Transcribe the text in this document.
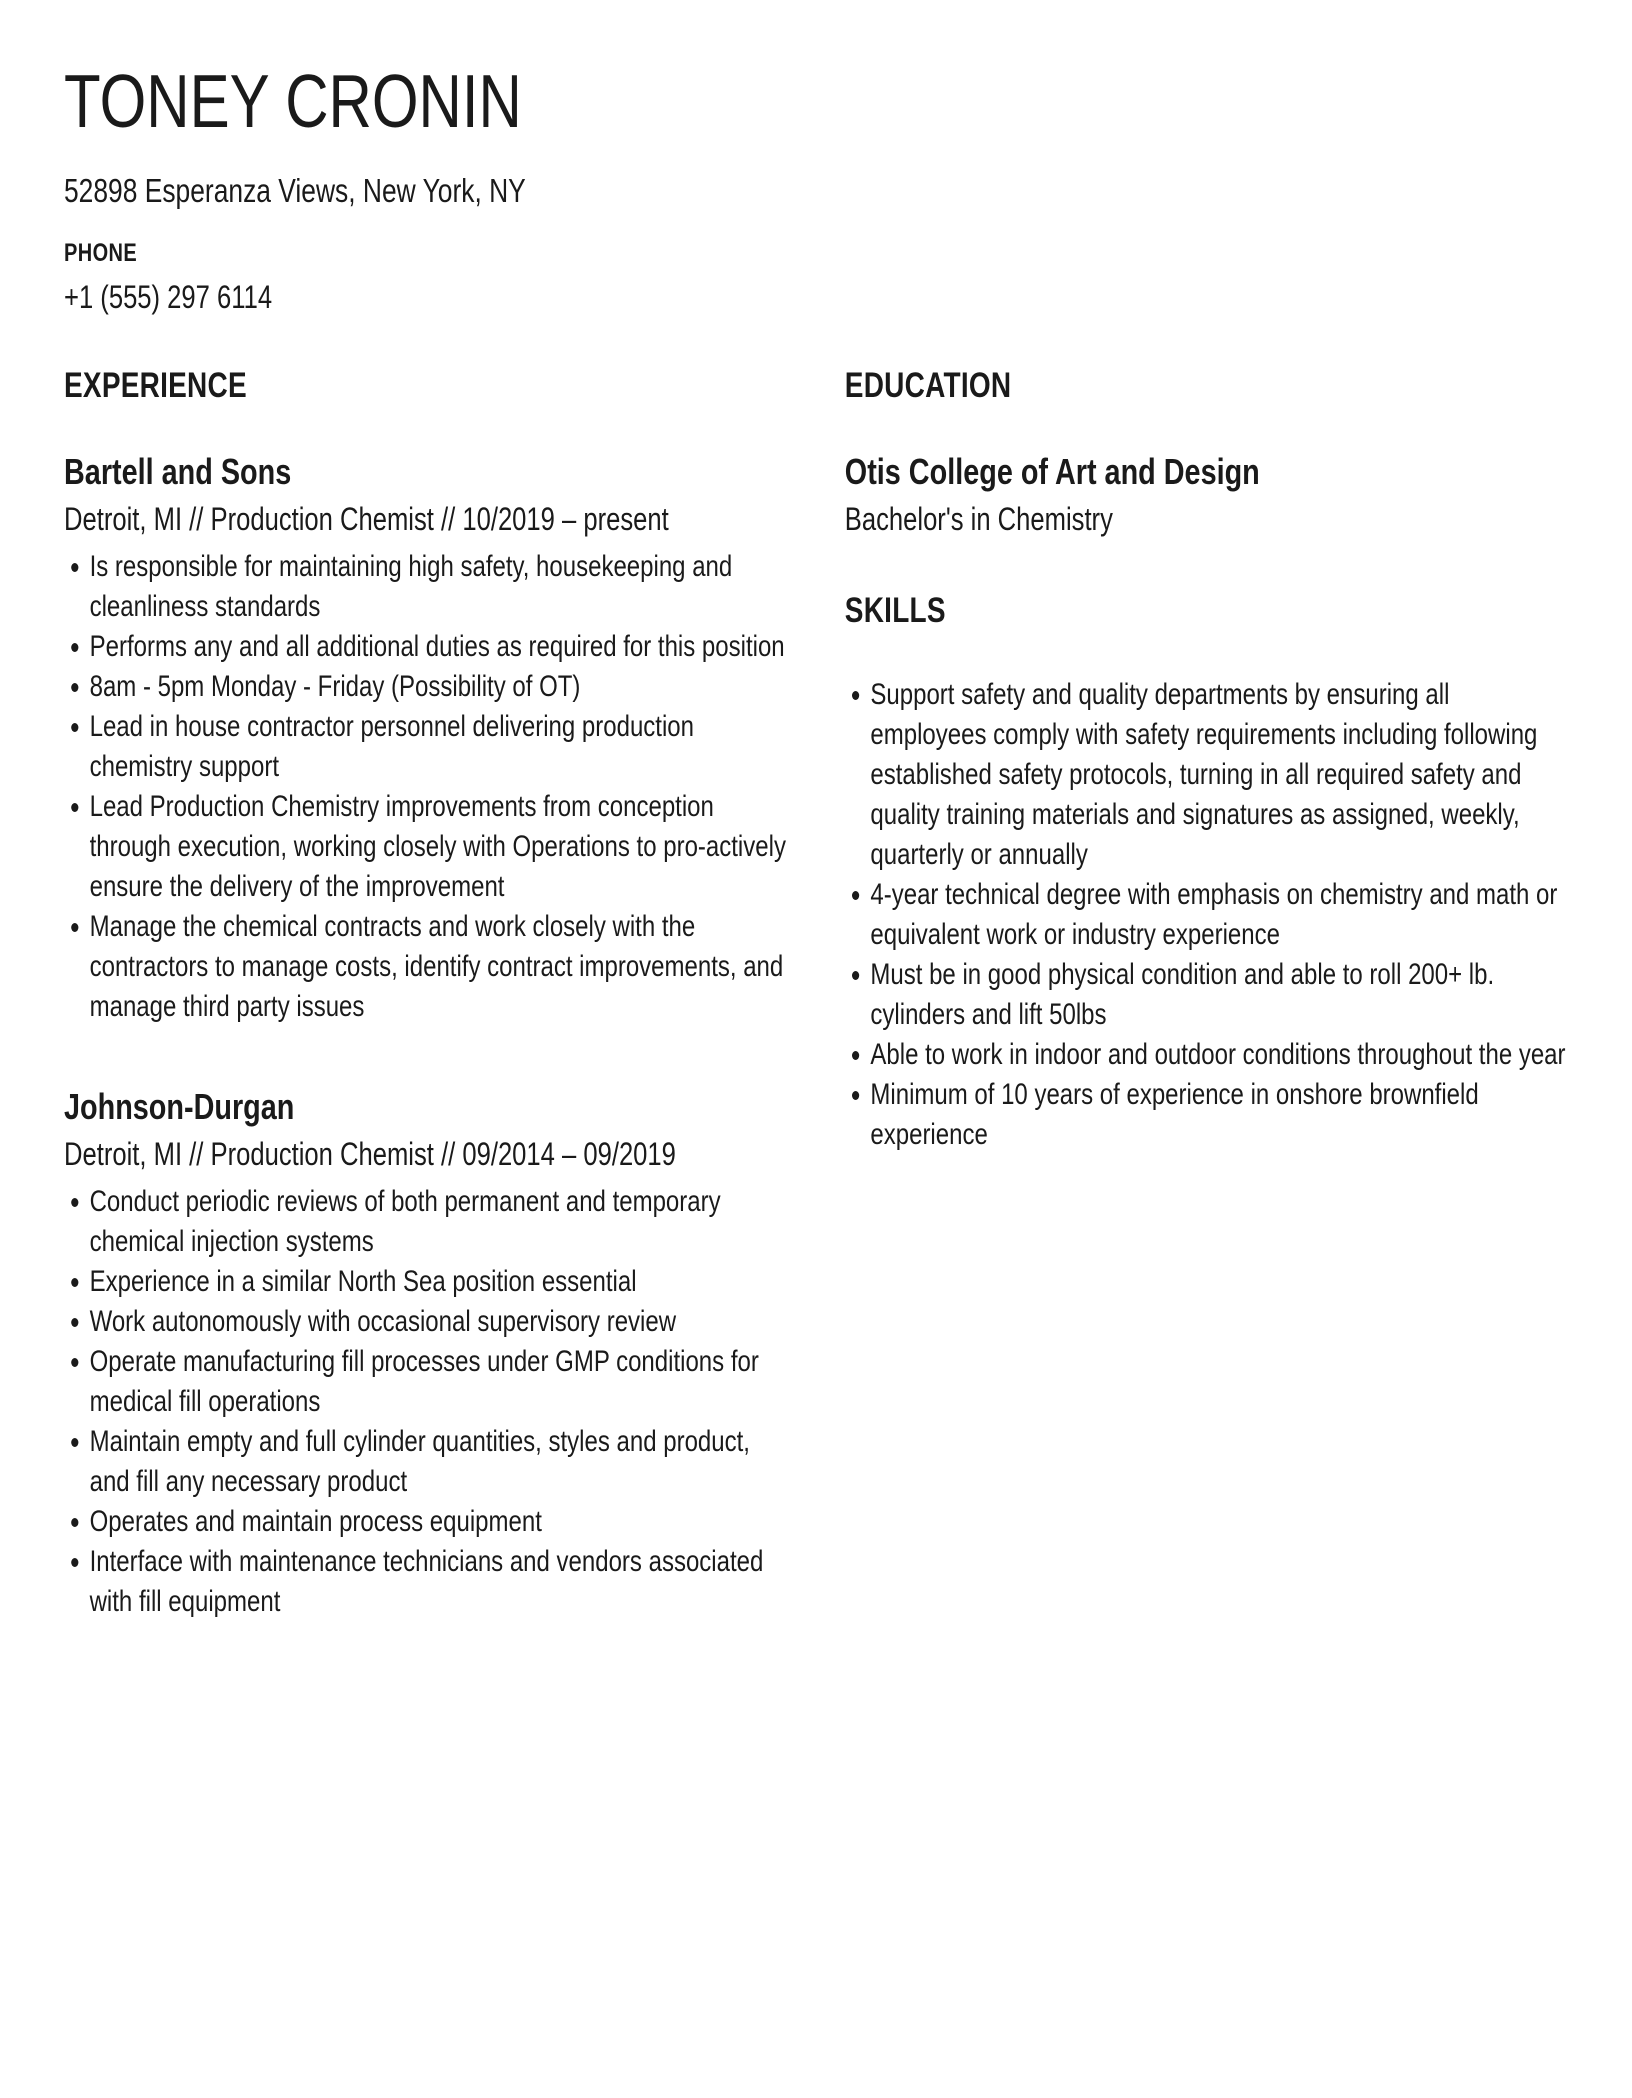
TONEY CRONIN

52898 Esperanza Views, New York, NY

PHONE
+1 (555) 297 6114
EXPERIENCE
Bartell and Sons

Detroit, MI // Production Chemist // 10/2019 – present

Is responsible for maintaining high safety, housekeeping and cleanliness standards
Performs any and all additional duties as required for this position
8am - 5pm Monday - Friday (Possibility of OT)
Lead in house contractor personnel delivering production chemistry support
Lead Production Chemistry improvements from conception through execution, working closely with Operations to pro-actively ensure the delivery of the improvement
Manage the chemical contracts and work closely with the contractors to manage costs, identify contract improvements, and manage third party issues
Johnson-Durgan

Detroit, MI // Production Chemist // 09/2014 – 09/2019

Conduct periodic reviews of both permanent and temporary chemical injection systems
Experience in a similar North Sea position essential
Work autonomously with occasional supervisory review
Operate manufacturing fill processes under GMP conditions for medical fill operations
Maintain empty and full cylinder quantities, styles and product, and fill any necessary product
Operates and maintain process equipment
Interface with maintenance technicians and vendors associated with fill equipment
EDUCATION
Otis College of Art and Design

Bachelor's in Chemistry

SKILLS
Support safety and quality departments by ensuring all employees comply with safety requirements including following established safety protocols, turning in all required safety and quality training materials and signatures as assigned, weekly, quarterly or annually
4-year technical degree with emphasis on chemistry and math or equivalent work or industry experience
Must be in good physical condition and able to roll 200+ lb. cylinders and lift 50lbs
Able to work in indoor and outdoor conditions throughout the year
Minimum of 10 years of experience in onshore brownfield experience
